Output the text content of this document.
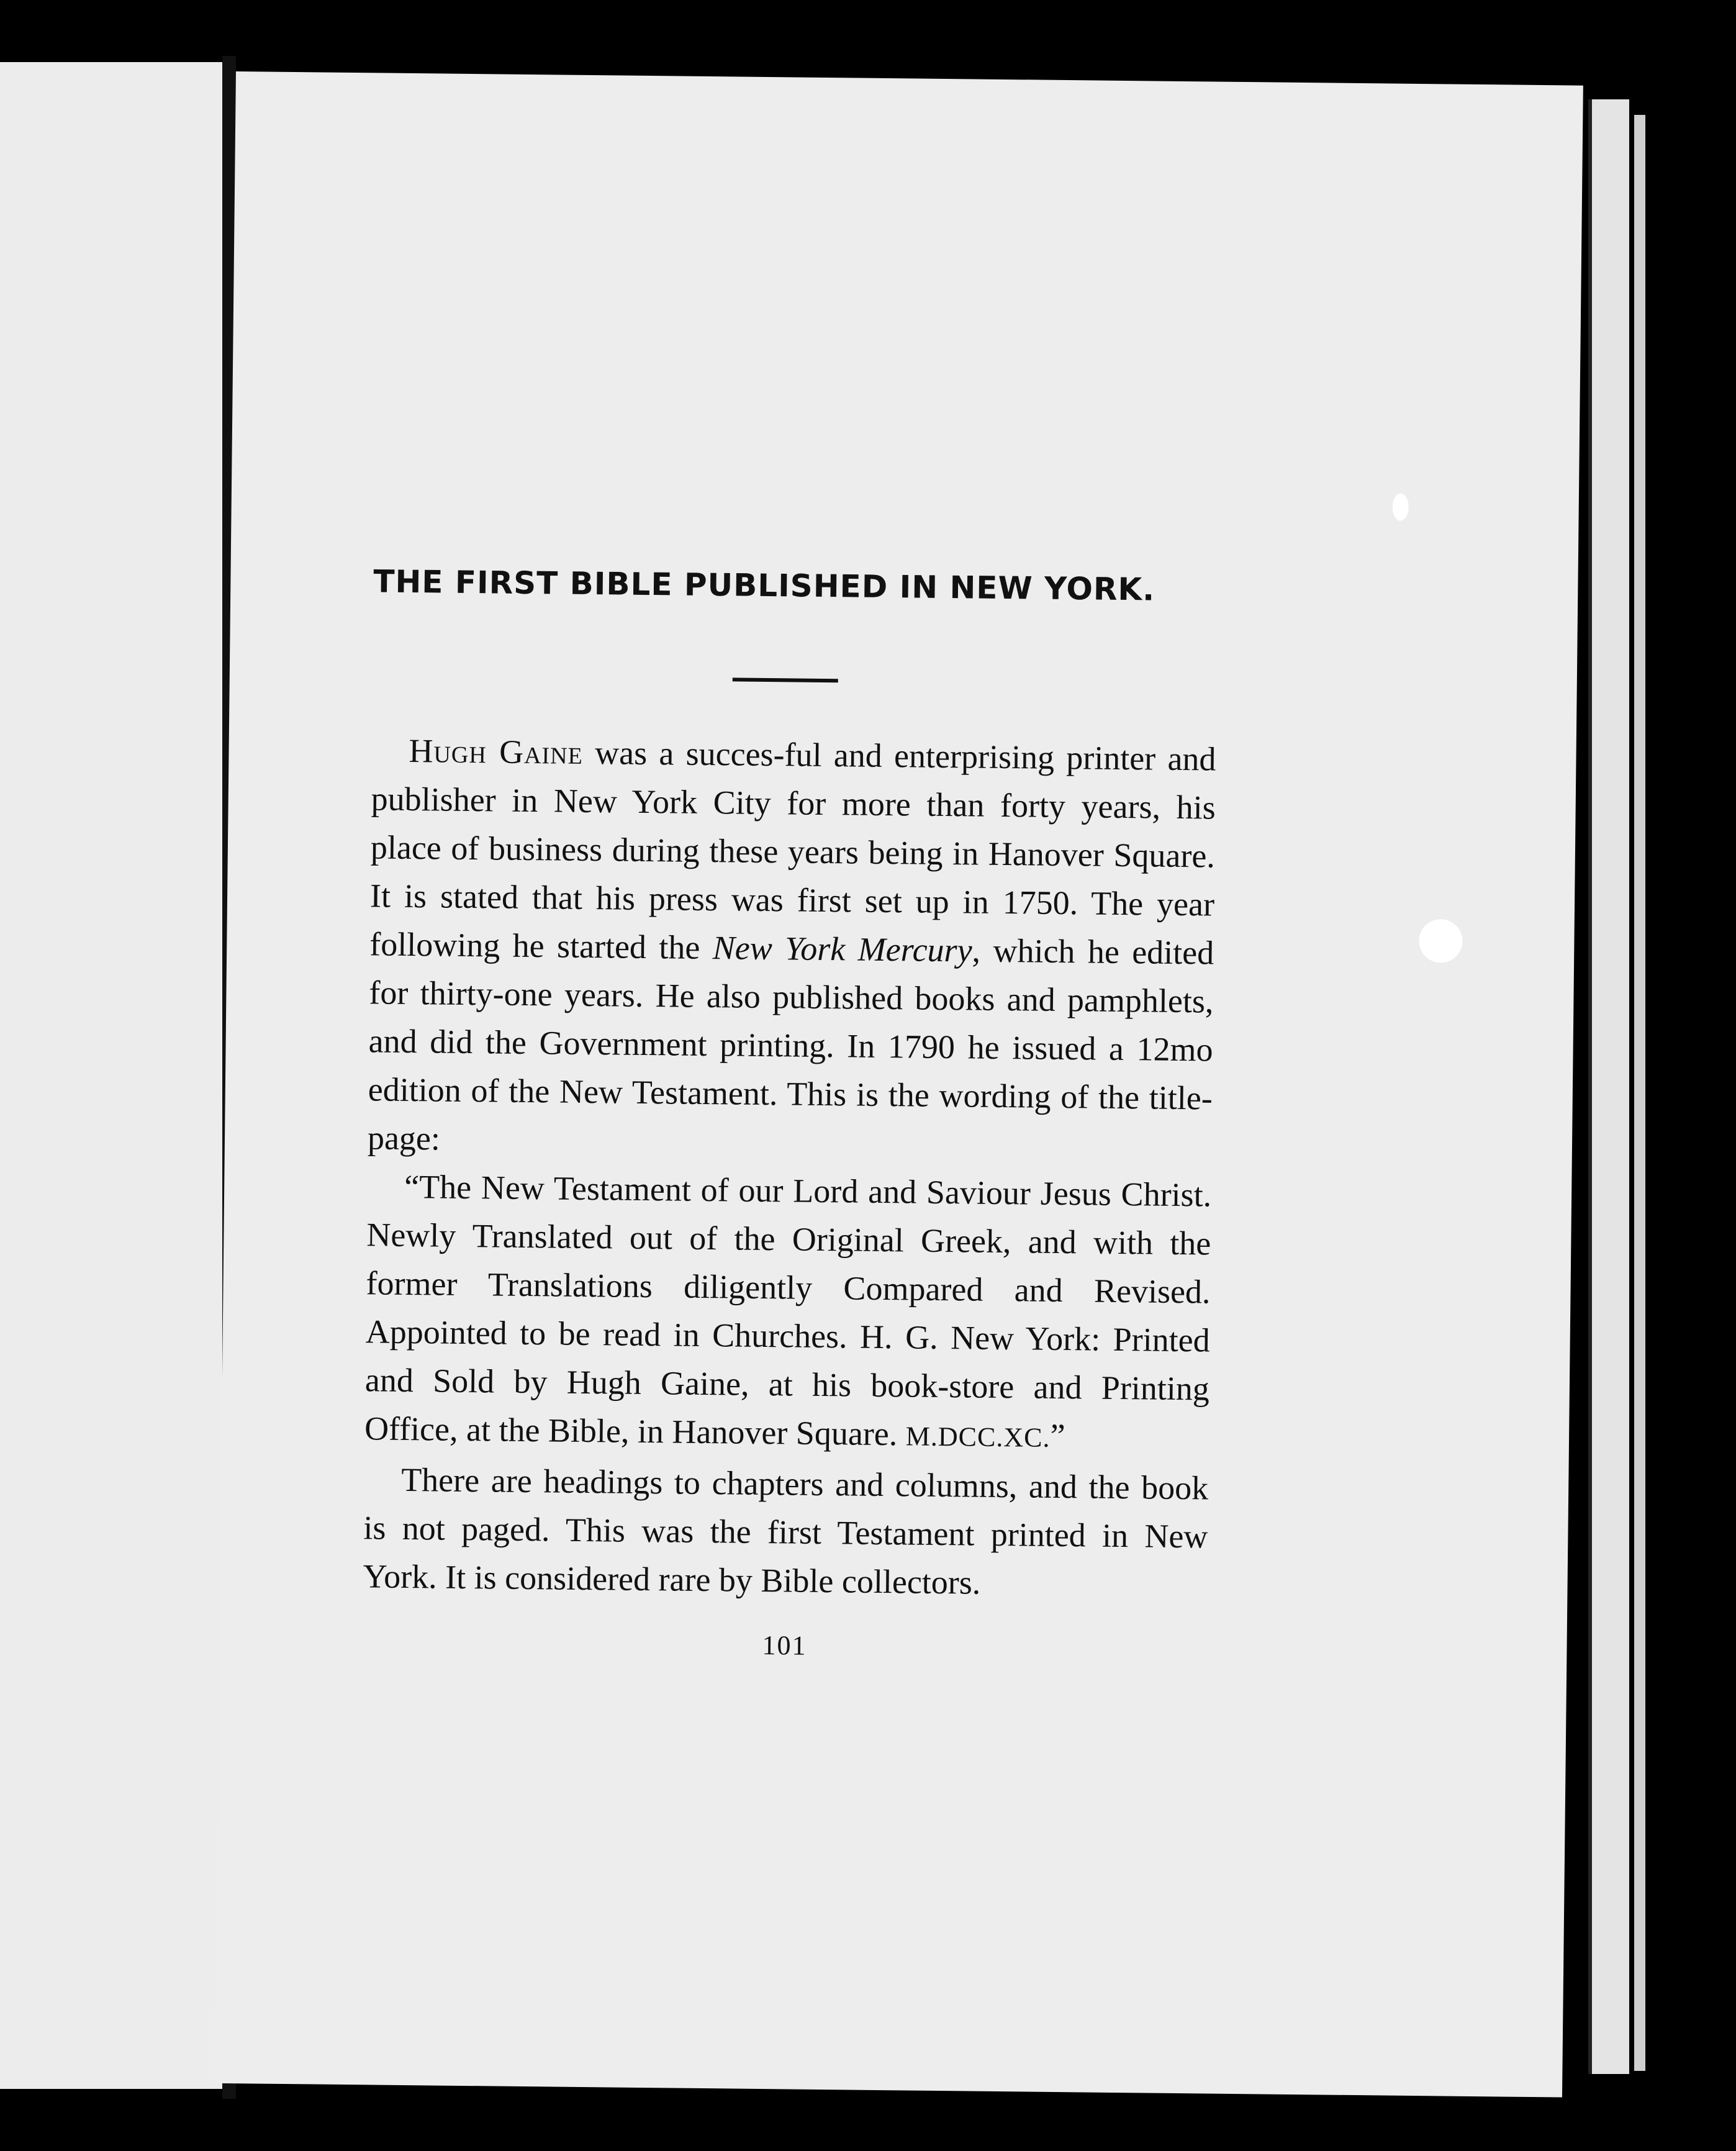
THE FIRST BIBLE PUBLISHED IN NEW YORK.

Hugh Gaine was a succes-ful and enterprising printer and publisher in New York City for more than forty years, his place of business during these years being in Hanover Square. It is stated that his press was first set up in 1750. The year following he started the New York Mercury, which he edited for thirty-one years. He also published books and pamphlets, and did the Government printing. In 1790 he issued a 12mo edition of the New Testament. This is the wording of the title-page:

“The New Testament of our Lord and Saviour Jesus Christ. Newly Translated out of the Original Greek, and with the former Translations diligently Compared and Revised. Appointed to be read in Churches. H. G. New York: Printed and Sold by Hugh Gaine, at his book-store and Printing Office, at the Bible, in Hanover Square. M.DCC.XC.”

There are headings to chapters and columns, and the book is not paged. This was the first Testament printed in New York. It is considered rare by Bible collectors.

101
